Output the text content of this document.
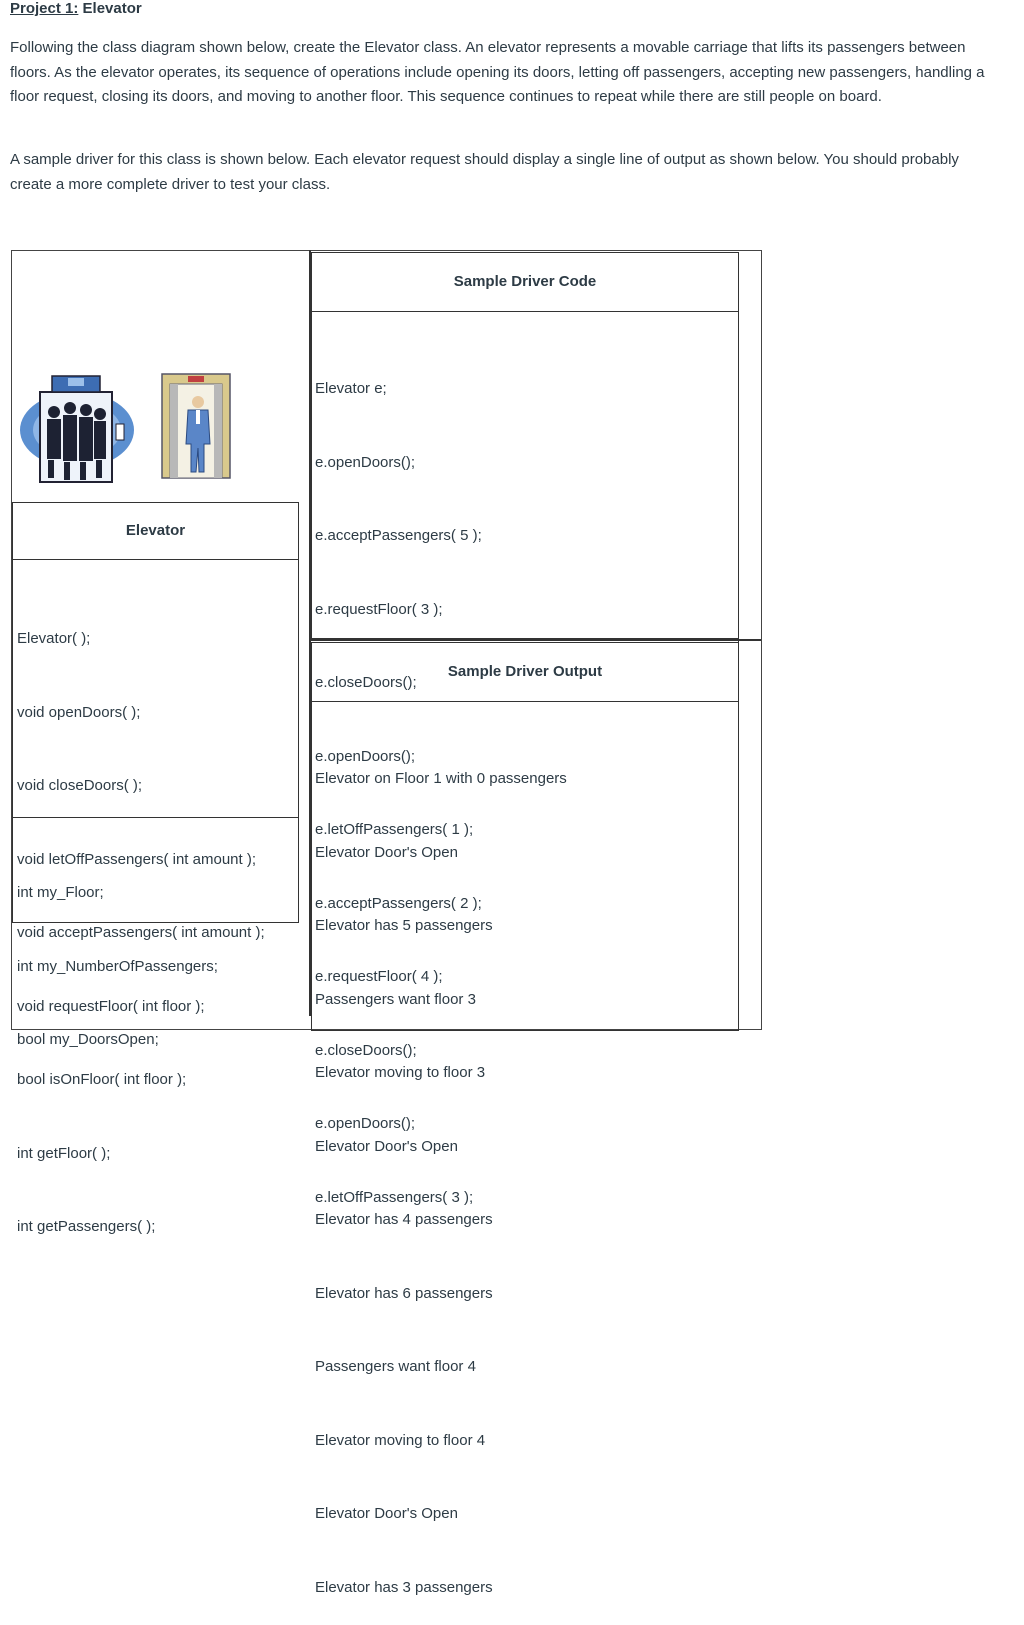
Project 1: Elevator

Following the class diagram shown below, create the Elevator class. An elevator represents a movable carriage that lifts its passengers between floors. As the elevator operates, its sequence of operations include opening its doors, letting off passengers, accepting new passengers, handling a floor request, closing its doors, and moving to another floor. This sequence continues to repeat while there are still people on board.

A sample driver for this class is shown below. Each elevator request should display a single line of output as shown below. You should probably create a more complete driver to test your class.

Elevator

Elevator( );

void openDoors( );

void closeDoors( );

void letOffPassengers( int amount );

void acceptPassengers( int amount );

void requestFloor( int floor );

bool isOnFloor( int floor );

int getFloor( );

int getPassengers( );

int my_Floor;

int my_NumberOfPassengers;

bool my_DoorsOpen;

Sample Driver Code

Elevator e;

e.openDoors();

e.acceptPassengers( 5 );

e.requestFloor( 3 );

e.closeDoors();

e.openDoors();

e.letOffPassengers( 1 );

e.acceptPassengers( 2 );

e.requestFloor( 4 );

e.closeDoors();

e.openDoors();

e.letOffPassengers( 3 );

Sample Driver Output

Elevator on Floor 1 with 0 passengers

Elevator Door's Open

Elevator has 5 passengers

Passengers want floor 3

Elevator moving to floor 3

Elevator Door's Open

Elevator has 4 passengers

Elevator has 6 passengers

Passengers want floor 4

Elevator moving to floor 4

Elevator Door's Open

Elevator has 3 passengers
